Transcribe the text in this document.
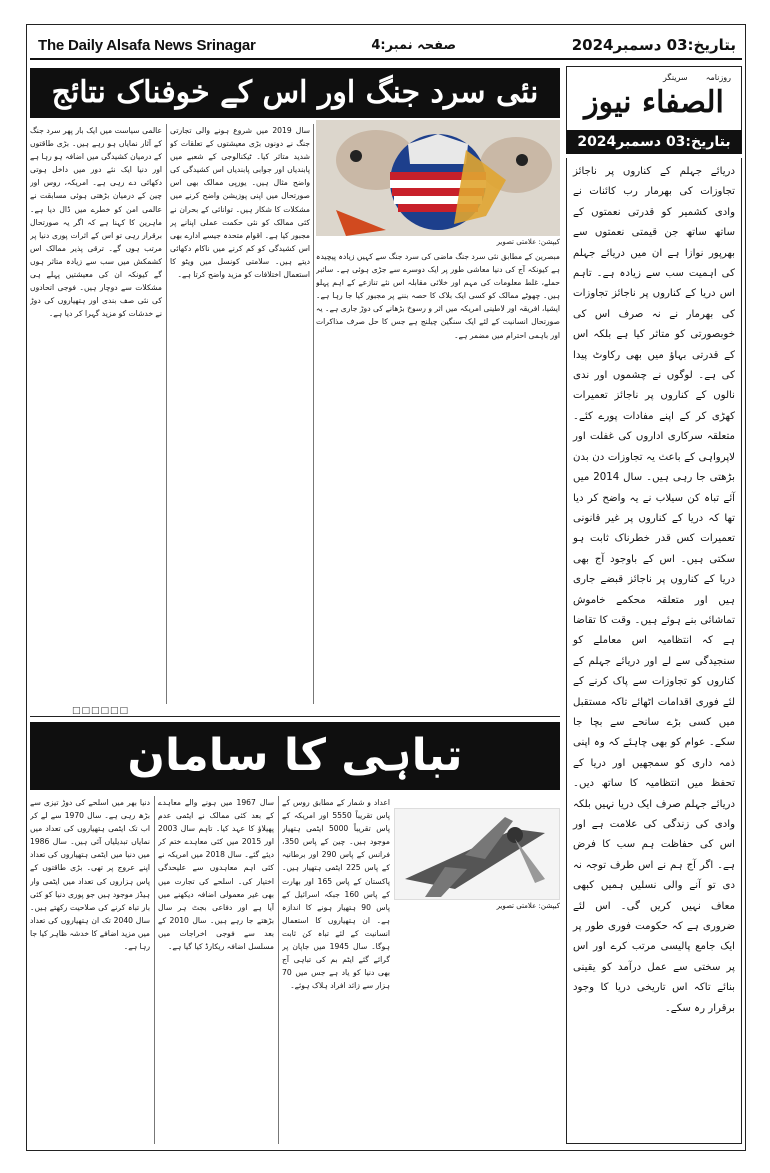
The Daily Alsafa News Srinagar	صفحہ نمبر:4	بتاریخ:03 دسمبر2024
روزنامہ
سرینگر
الصفاء نیوز
بتاریخ:03 دسمبر2024

دریائے جہلم کے کناروں پر ناجائز تجاوزات کی بھرمار رب کائنات نے وادی کشمیر کو قدرتی نعمتوں کے ساتھ ساتھ جن قیمتی نعمتوں سے بھرپور نوازا ہے ان میں دریائے جہلم کی اہمیت سب سے زیادہ ہے۔ تاہم اس دریا کے کناروں پر ناجائز تجاوزات کی بھرمار نے نہ صرف اس کی خوبصورتی کو متاثر کیا ہے بلکہ اس کے قدرتی بہاؤ میں بھی رکاوٹ پیدا کی ہے۔ لوگوں نے چشموں اور ندی نالوں کے کناروں پر ناجائز تعمیرات کھڑی کر کے اپنے مفادات پورے کئے۔ متعلقہ سرکاری اداروں کی غفلت اور لاپرواہی کے باعث یہ تجاوزات دن بدن بڑھتی جا رہی ہیں۔ سال 2014 میں آئے تباہ کن سیلاب نے یہ واضح کر دیا تھا کہ دریا کے کناروں پر غیر قانونی تعمیرات کس قدر خطرناک ثابت ہو سکتی ہیں۔ اس کے باوجود آج بھی دریا کے کناروں پر ناجائز قبضے جاری ہیں اور متعلقہ محکمے خاموش تماشائی بنے ہوئے ہیں۔ وقت کا تقاضا ہے کہ انتظامیہ اس معاملے کو سنجیدگی سے لے اور دریائے جہلم کے کناروں کو تجاوزات سے پاک کرنے کے لئے فوری اقدامات اٹھائے تاکہ مستقبل میں کسی بڑے سانحے سے بچا جا سکے۔ عوام کو بھی چاہئے کہ وہ اپنی ذمہ داری کو سمجھیں اور دریا کے تحفظ میں انتظامیہ کا ساتھ دیں۔ دریائے جہلم صرف ایک دریا نہیں بلکہ وادی کی زندگی کی علامت ہے اور اس کی حفاظت ہم سب کا فرض ہے۔ اگر آج ہم نے اس طرف توجہ نہ دی تو آنے والی نسلیں ہمیں کبھی معاف نہیں کریں گی۔ اس لئے ضروری ہے کہ حکومت فوری طور پر ایک جامع پالیسی مرتب کرے اور اس پر سختی سے عمل درآمد کو یقینی بنائے تاکہ اس تاریخی دریا کا وجود برقرار رہ سکے۔

نئی سرد جنگ اور اس کے خوفناک نتائج
کیپشن: علامتی تصویر

عالمی سیاست میں ایک بار پھر سرد جنگ کے آثار نمایاں ہو رہے ہیں۔ بڑی طاقتوں کے درمیان کشیدگی میں اضافہ ہو رہا ہے اور دنیا ایک نئے دور میں داخل ہوتی دکھائی دے رہی ہے۔ امریکہ، روس اور چین کے درمیان بڑھتی ہوئی مسابقت نے عالمی امن کو خطرے میں ڈال دیا ہے۔ ماہرین کا کہنا ہے کہ اگر یہ صورتحال برقرار رہی تو اس کے اثرات پوری دنیا پر مرتب ہوں گے۔ ترقی پذیر ممالک اس کشمکش میں سب سے زیادہ متاثر ہوں گے کیونکہ ان کی معیشتیں پہلے ہی مشکلات سے دوچار ہیں۔ فوجی اتحادوں کی نئی صف بندی اور ہتھیاروں کی دوڑ نے خدشات کو مزید گہرا کر دیا ہے۔

سال 2019 میں شروع ہونے والی تجارتی جنگ نے دونوں بڑی معیشتوں کے تعلقات کو شدید متاثر کیا۔ ٹیکنالوجی کے شعبے میں پابندیاں اور جوابی پابندیاں اس کشیدگی کی واضح مثال ہیں۔ یورپی ممالک بھی اس صورتحال میں اپنی پوزیشن واضح کرنے میں مشکلات کا شکار ہیں۔ توانائی کے بحران نے کئی ممالک کو نئی حکمت عملی اپنانے پر مجبور کیا ہے۔ اقوام متحدہ جیسے ادارے بھی اس کشیدگی کو کم کرنے میں ناکام دکھائی دیتے ہیں۔ سلامتی کونسل میں ویٹو کا استعمال اختلافات کو مزید واضح کرتا ہے۔

مبصرین کے مطابق نئی سرد جنگ ماضی کی سرد جنگ سے کہیں زیادہ پیچیدہ ہے کیونکہ آج کی دنیا معاشی طور پر ایک دوسرے سے جڑی ہوئی ہے۔ سائبر حملے، غلط معلومات کی مہم اور خلائی مقابلہ اس نئے تنازعے کے اہم پہلو ہیں۔ چھوٹے ممالک کو کسی ایک بلاک کا حصہ بننے پر مجبور کیا جا رہا ہے۔ ایشیا، افریقہ اور لاطینی امریکہ میں اثر و رسوخ بڑھانے کی دوڑ جاری ہے۔ یہ صورتحال انسانیت کے لئے ایک سنگین چیلنج ہے جس کا حل صرف مذاکرات اور باہمی احترام میں مضمر ہے۔

□□□□□□
تباہی کا سامان
کیپشن: علامتی تصویر

دنیا بھر میں اسلحے کی دوڑ تیزی سے بڑھ رہی ہے۔ سال 1970 سے لے کر اب تک ایٹمی ہتھیاروں کی تعداد میں نمایاں تبدیلیاں آئی ہیں۔ سال 1986 میں دنیا میں ایٹمی ہتھیاروں کی تعداد اپنے عروج پر تھی۔ بڑی طاقتوں کے پاس ہزاروں کی تعداد میں ایٹمی وار ہیڈز موجود ہیں جو پوری دنیا کو کئی بار تباہ کرنے کی صلاحیت رکھتے ہیں۔ سال 2040 تک ان ہتھیاروں کی تعداد میں مزید اضافے کا خدشہ ظاہر کیا جا رہا ہے۔

سال 1967 میں ہونے والے معاہدے کے بعد کئی ممالک نے ایٹمی عدم پھیلاؤ کا عہد کیا۔ تاہم سال 2003 اور 2015 میں کئی معاہدے ختم کر دیئے گئے۔ سال 2018 میں امریکہ نے کئی اہم معاہدوں سے علیحدگی اختیار کی۔ اسلحے کی تجارت میں بھی غیر معمولی اضافہ دیکھنے میں آیا ہے اور دفاعی بجٹ ہر سال بڑھتے جا رہے ہیں۔ سال 2010 کے بعد سے فوجی اخراجات میں مسلسل اضافہ ریکارڈ کیا گیا ہے۔

اعداد و شمار کے مطابق روس کے پاس تقریباً 5550 اور امریکہ کے پاس تقریباً 5000 ایٹمی ہتھیار موجود ہیں۔ چین کے پاس 350، فرانس کے پاس 290 اور برطانیہ کے پاس 225 ایٹمی ہتھیار ہیں۔ پاکستان کے پاس 165 اور بھارت کے پاس 160 جبکہ اسرائیل کے پاس 90 ہتھیار ہونے کا اندازہ ہے۔ ان ہتھیاروں کا استعمال انسانیت کے لئے تباہ کن ثابت ہوگا۔ سال 1945 میں جاپان پر گرائے گئے ایٹم بم کی تباہی آج بھی دنیا کو یاد ہے جس میں 70 ہزار سے زائد افراد ہلاک ہوئے۔
